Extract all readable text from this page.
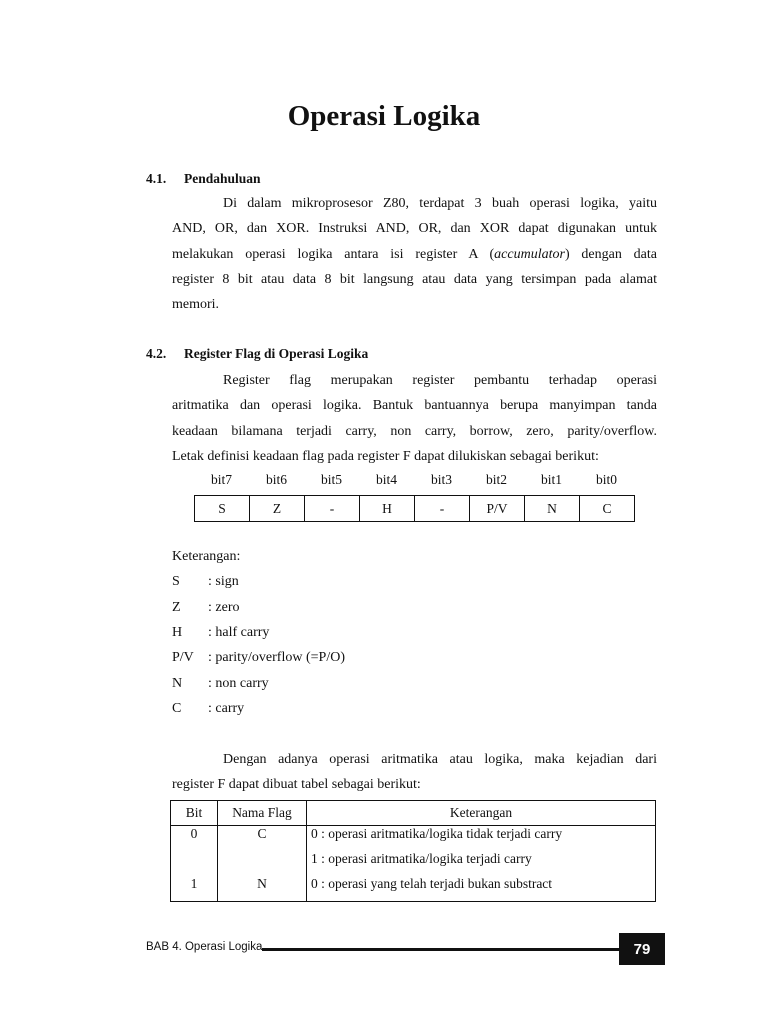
Operasi Logika
4.1. Pendahuluan
Di dalam mikroprosesor Z80, terdapat 3 buah operasi logika, yaitu
AND, OR, dan XOR. Instruksi AND, OR, dan XOR dapat digunakan untuk
melakukan operasi logika antara isi register A (accumulator) dengan data
register 8 bit atau data 8 bit langsung atau data yang tersimpan pada alamat
memori.
4.2. Register Flag di Operasi Logika
Register flag merupakan register pembantu terhadap operasi
aritmatika dan operasi logika. Bantuk bantuannya berupa manyimpan tanda
keadaan bilamana terjadi carry, non carry, borrow, zero, parity/overflow.
Letak definisi keadaan flag pada register F dapat dilukiskan sebagai berikut:
bit7	bit6	bit5	bit4	bit3	bit2	bit1	bit0
S	Z	-	H	-	P/V	N	C
Keterangan:
S : sign
Z : zero
H : half carry
P/V : parity/overflow (=P/O)
N : non carry
C : carry
Dengan adanya operasi aritmatika atau logika, maka kejadian dari
register F dapat dibuat tabel sebagai berikut:
Bit	Nama Flag	Keterangan
0	C	0 : operasi aritmatika/logika tidak terjadi carry
		1 : operasi aritmatika/logika terjadi carry
1	N	0 : operasi yang telah terjadi bukan substract
BAB 4. Operasi Logika	79
